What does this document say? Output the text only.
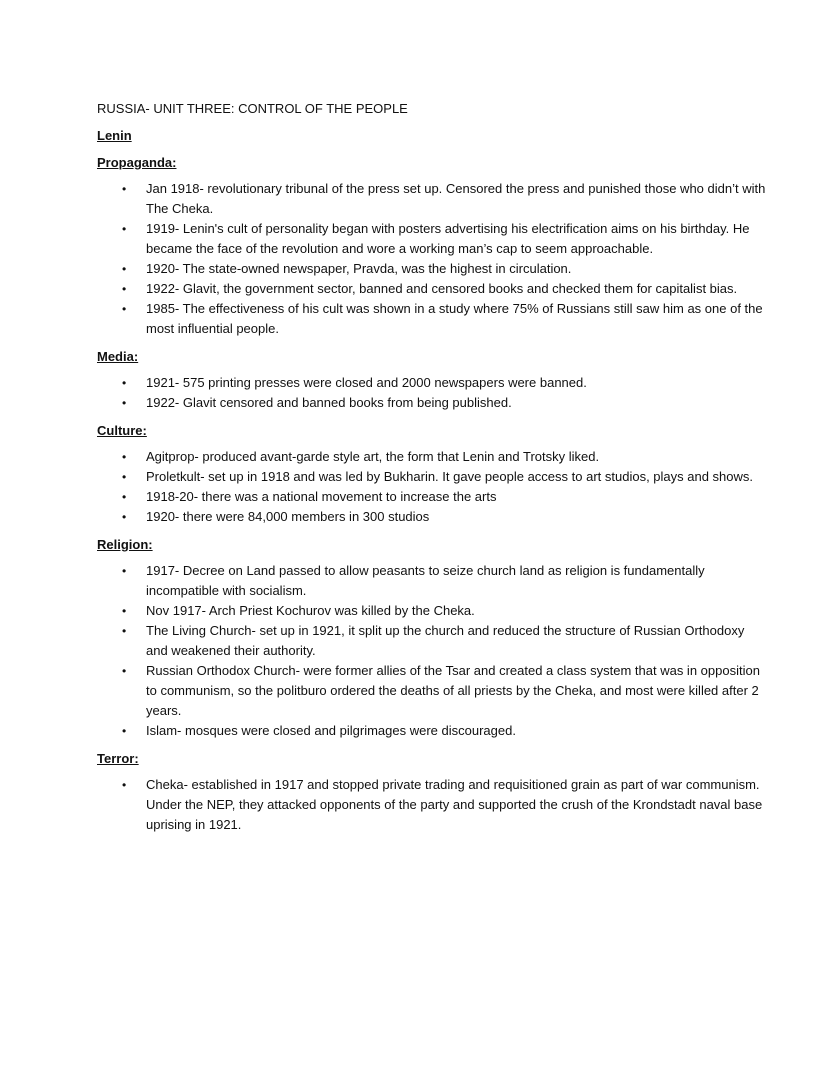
RUSSIA- UNIT THREE: CONTROL OF THE PEOPLE

Lenin

Propaganda:

• Jan 1918- revolutionary tribunal of the press set up. Censored the press and punished those who didn’t with The Cheka.
• 1919- Lenin's cult of personality began with posters advertising his electrification aims on his birthday. He became the face of the revolution and wore a working man’s cap to seem approachable.
• 1920- The state-owned newspaper, Pravda, was the highest in circulation.
• 1922- Glavit, the government sector, banned and censored books and checked them for capitalist bias.
• 1985- The effectiveness of his cult was shown in a study where 75% of Russians still saw him as one of the most influential people.

Media:

• 1921- 575 printing presses were closed and 2000 newspapers were banned.
• 1922- Glavit censored and banned books from being published.

Culture:

• Agitprop- produced avant-garde style art, the form that Lenin and Trotsky liked.
• Proletkult- set up in 1918 and was led by Bukharin. It gave people access to art studios, plays and shows.
• 1918-20- there was a national movement to increase the arts
• 1920- there were 84,000 members in 300 studios

Religion:

• 1917- Decree on Land passed to allow peasants to seize church land as religion is fundamentally incompatible with socialism.
• Nov 1917- Arch Priest Kochurov was killed by the Cheka.
• The Living Church- set up in 1921, it split up the church and reduced the structure of Russian Orthodoxy and weakened their authority.
• Russian Orthodox Church- were former allies of the Tsar and created a class system that was in opposition to communism, so the politburo ordered the deaths of all priests by the Cheka, and most were killed after 2 years.
• Islam- mosques were closed and pilgrimages were discouraged.

Terror:

• Cheka- established in 1917 and stopped private trading and requisitioned grain as part of war communism. Under the NEP, they attacked opponents of the party and supported the crush of the Krondstadt naval base uprising in 1921.
